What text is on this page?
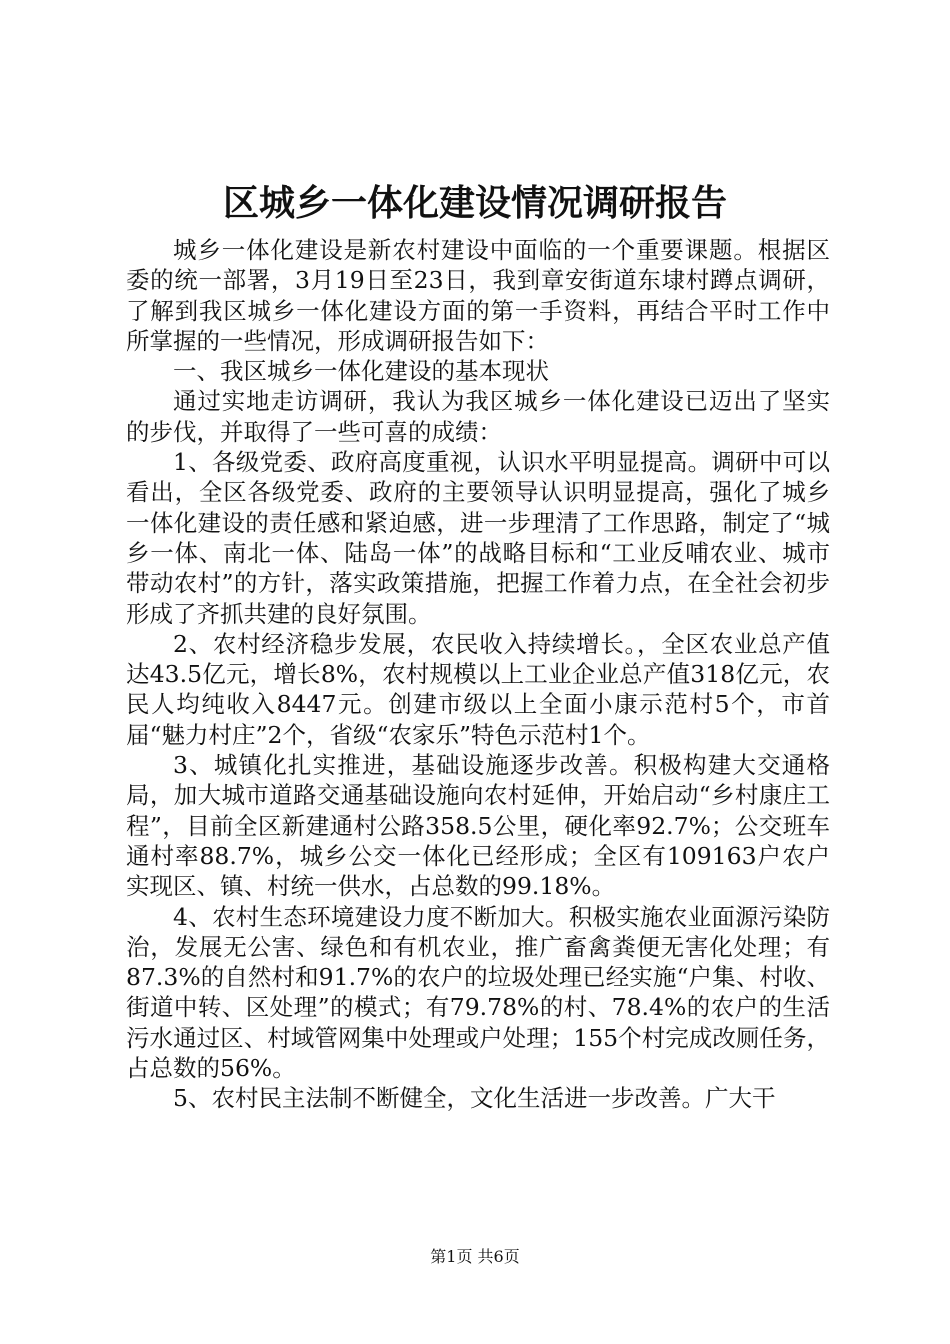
区城乡一体化建设情况调研报告

城乡一体化建设是新农村建设中面临的一个重要课题。根据区委的统一部署，3月19日至23日，我到章安街道东埭村蹲点调研，了解到我区城乡一体化建设方面的第一手资料，再结合平时工作中所掌握的一些情况，形成调研报告如下：

一、我区城乡一体化建设的基本现状

通过实地走访调研，我认为我区城乡一体化建设已迈出了坚实的步伐，并取得了一些可喜的成绩：

1、各级党委、政府高度重视，认识水平明显提高。调研中可以看出，全区各级党委、政府的主要领导认识明显提高，强化了城乡一体化建设的责任感和紧迫感，进一步理清了工作思路，制定了“城乡一体、南北一体、陆岛一体”的战略目标和“工业反哺农业、城市带动农村”的方针，落实政策措施，把握工作着力点，在全社会初步形成了齐抓共建的良好氛围。

2、农村经济稳步发展，农民收入持续增长。，全区农业总产值达43.5亿元，增长8%，农村规模以上工业企业总产值318亿元，农民人均纯收入8447元。创建市级以上全面小康示范村5个，市首届“魅力村庄”2个，省级“农家乐”特色示范村1个。

3、城镇化扎实推进，基础设施逐步改善。积极构建大交通格局，加大城市道路交通基础设施向农村延伸，开始启动“乡村康庄工程”，目前全区新建通村公路358.5公里，硬化率92.7%；公交班车通村率88.7%，城乡公交一体化已经形成；全区有109163户农户实现区、镇、村统一供水，占总数的99.18%。

4、农村生态环境建设力度不断加大。积极实施农业面源污染防治，发展无公害、绿色和有机农业，推广畜禽粪便无害化处理；有87.3%的自然村和91.7%的农户的垃圾处理已经实施“户集、村收、街道中转、区处理”的模式；有79.78%的村、78.4%的农户的生活污水通过区、村域管网集中处理或户处理；155个村完成改厕任务，占总数的56%。

5、农村民主法制不断健全，文化生活进一步改善。广大干

第1页 共6页
